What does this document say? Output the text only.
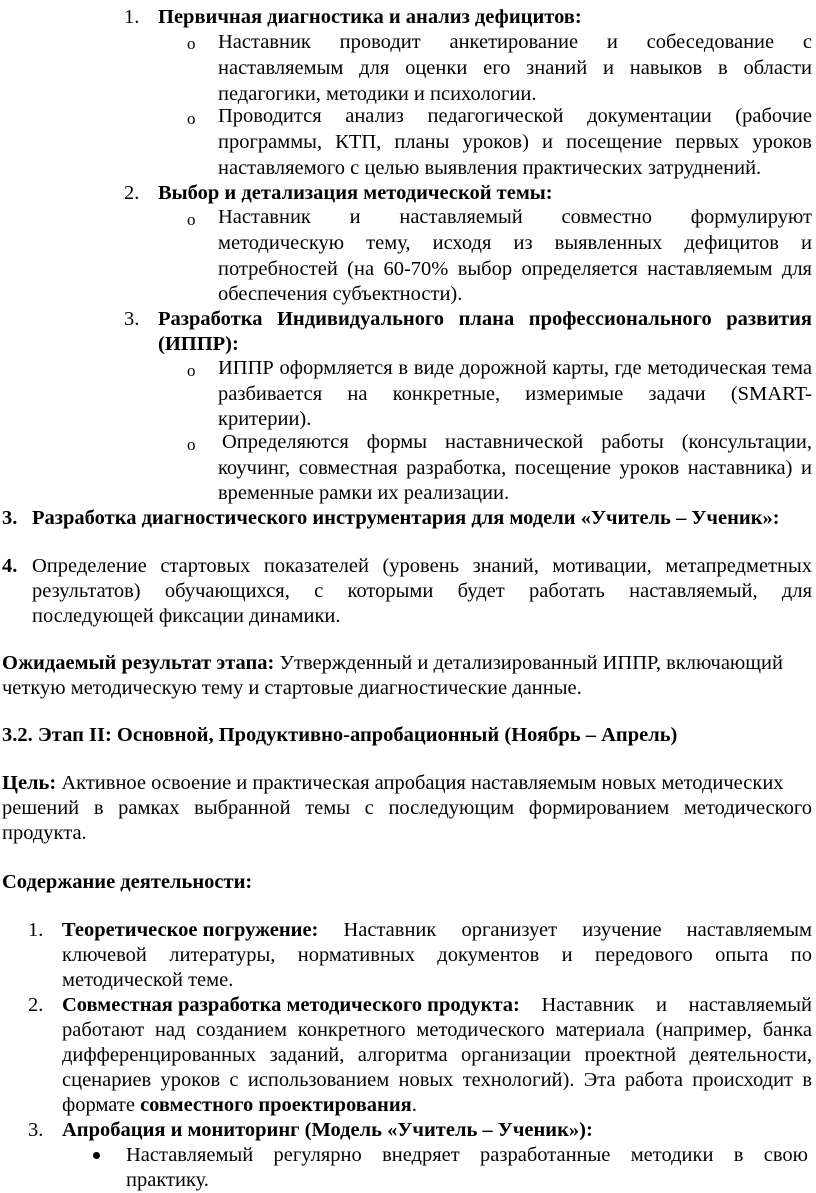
1. Первичная диагностика и анализ дефицитов:
o Наставник проводит анкетирование и собеседование с
наставляемым для оценки его знаний и навыков в области
педагогики, методики и психологии.
o Проводится анализ педагогической документации (рабочие
программы, КТП, планы уроков) и посещение первых уроков
наставляемого с целью выявления практических затруднений.
2. Выбор и детализация методической темы:
o Наставник и наставляемый совместно формулируют
методическую тему, исходя из выявленных дефицитов и
потребностей (на 60-70% выбор определяется наставляемым для
обеспечения субъектности).
3. Разработка Индивидуального плана профессионального развития
(ИППР):
o ИППР оформляется в виде дорожной карты, где методическая тема
разбивается на конкретные, измеримые задачи (SMART-
критерии).
o Определяются формы наставнической работы (консультации,
коучинг, совместная разработка, посещение уроков наставника) и
временные рамки их реализации.
3. Разработка диагностического инструментария для модели «Учитель – Ученик»:
4. Определение стартовых показателей (уровень знаний, мотивации, метапредметных
результатов) обучающихся, с которыми будет работать наставляемый, для
последующей фиксации динамики.
Ожидаемый результат этапа: Утвержденный и детализированный ИППР, включающий
четкую методическую тему и стартовые диагностические данные.
3.2. Этап II: Основной, Продуктивно-апробационный (Ноябрь – Апрель)
Цель: Активное освоение и практическая апробация наставляемым новых методических
решений в рамках выбранной темы с последующим формированием методического
продукта.
Содержание деятельности:
1. Теоретическое погружение: Наставник организует изучение наставляемым
ключевой литературы, нормативных документов и передового опыта по
методической теме.
2. Совместная разработка методического продукта: Наставник и наставляемый
работают над созданием конкретного методического материала (например, банка
дифференцированных заданий, алгоритма организации проектной деятельности,
сценариев уроков с использованием новых технологий). Эта работа происходит в
формате совместного проектирования.
3. Апробация и мониторинг (Модель «Учитель – Ученик»):
Наставляемый регулярно внедряет разработанные методики в свою
практику.
